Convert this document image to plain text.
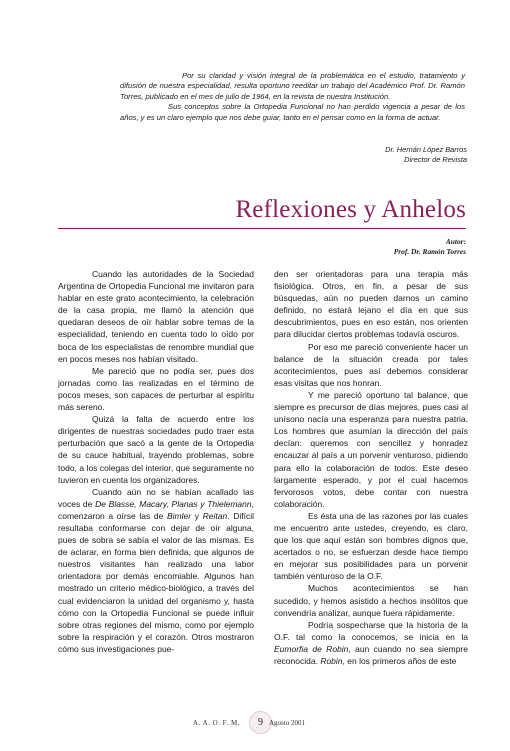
Por su claridad y visión integral de la problemática en el estudio, tratamiento y difusión de nuestra especialidad, resulta oportuno reeditar un trabajo del Académico Prof. Dr. Ramón Torres, publicado en el mes de julio de 1964, en la revista de nuestra Institución.

Sus conceptos sobre la Ortopedia Funcional no han perdido vigencia a pesar de los años, y es un claro ejemplo que nos debe guiar, tanto en el pensar como en la forma de actuar.

Dr. Hernán López Barros
Director de Revista
Reflexiones y Anhelos
Autor:
Prof. Dr. Ramón Torres

Cuando las autoridades de la Sociedad Argentina de Ortopedia Funcional me invitaron para hablar en este grato acontecimiento, la celebración de la casa propia, me llamó la atención que quedaran deseos de oír hablar sobre temas de la especialidad, teniendo en cuenta todo lo oído por boca de los especialistas de renombre mundial que en pocos meses nos habían visitado.

Me pareció que no podía ser, pues dos jornadas como las realizadas en el término de pocos meses, son capaces de perturbar al espíritu más sereno.

Quizá la falta de acuerdo entre los dirigentes de nuestras sociedades pudo traer esta perturbación que sacó a la gente de la Ortopedia de su cauce habitual, trayendo problemas, sobre todo, a los colegas del interior, que seguramente no tuvieron en cuenta los organizadores.

Cuando aún no se habían acallado las voces de De Blasse, Macary, Planas y Thielemann, comenzaron a oírse las de Bimler y Reitan. Difícil resultaba conformarse con dejar de oír alguna, pues de sobra se sabía el valor de las mismas. Es de aclarar, en forma bien definida, que algunos de nuestros visitantes han realizado una labor orientadora por demás encomiable. Algunos han mostrado un criterio médico-biológico, a través del cual evidenciaron la unidad del organismo y, hasta cómo con la Ortopedia Funcional se puede influir sobre otras regiones del mismo, como por ejemplo sobre la respiración y el corazón. Otros mostraron cómo sus investigaciones pue-

den ser orientadoras para una terapia más fisiológica. Otros, en fin, a pesar de sus búsquedas, aún no pueden darnos un camino definido, no estará lejano el día en que sus descubrimientos, pues en eso están, nos orienten para dilucidar ciertos problemas todavía oscuros.

Por eso me pareció conveniente hacer un balance de la situación creada por tales acontecimientos, pues así debemos considerar esas visitas que nos honran.

Y me pareció oportuno tal balance, que siempre es precursor de días mejores, pues casi al unísono nacía una esperanza para nuestra patria. Los hombres que asumían la dirección del país decían: queremos con sencillez y honradez encauzar al país a un porvenir venturoso, pidiendo para ello la colaboración de todos. Este deseo largamente esperado, y por el cual hacemos fervorosos votos, debe contar con nuestra colaboración.

Es ésta una de las razones por las cuales me encuentro ante ustedes, creyendo, es claro, que los que aquí están son hombres dignos que, acertados o no, se esfuerzan desde hace tiempo en mejorar sus posibilidades para un porvenir también venturoso de la O.F.

Muchos acontecimientos se han sucedido, y hemos asistido a hechos insólitos que convendría analizar, aunque fuera rápidamente.

Podría sospecharse que la historia de la O.F. tal como la conocemos, se inicia en la Eumorfia de Robin, aun cuando no sea siempre reconocida. Robin, en los primeros años de este

A. A. O. F. M.	9 Agosto 2001
